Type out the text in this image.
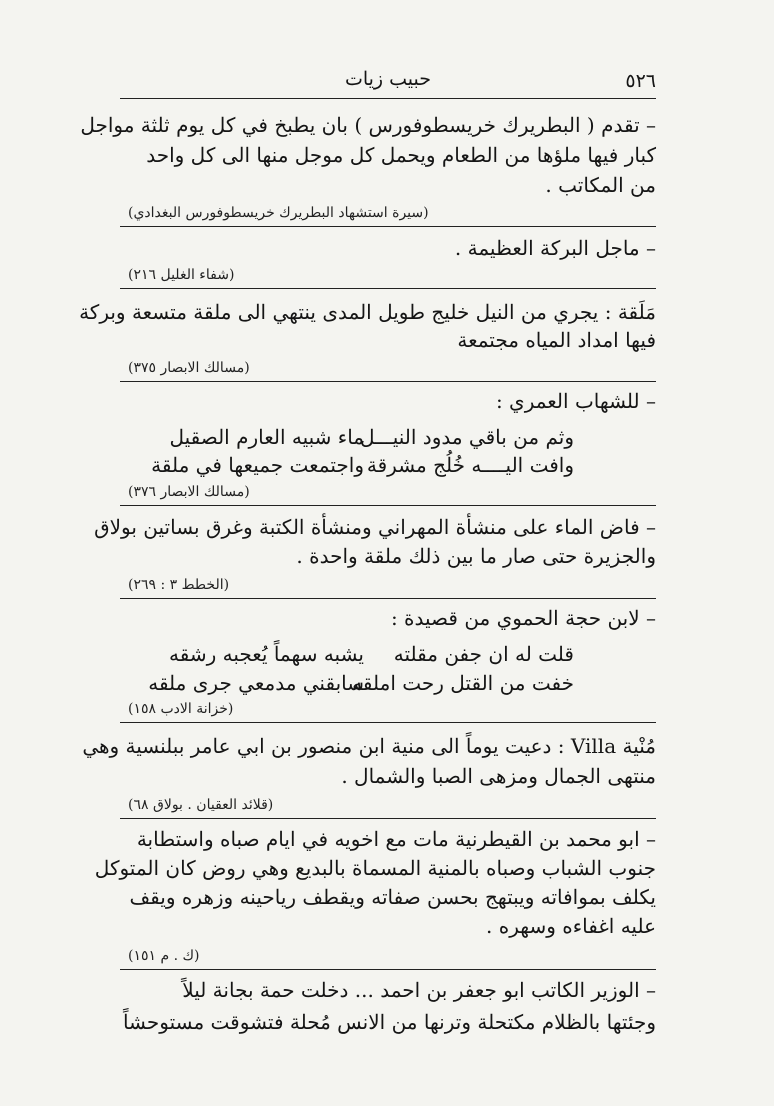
٥٢٦
حبيب زيات
– تقدم ( البطريرك خريسطوفورس ) بان يطبخ في كل يوم ثلثة مواجل
كبار فيها ملؤها من الطعام ويحمل كل موجل منها الى كل واحد
من المكاتب .
(سيرة استشهاد البطريرك خريسطوفورس البغدادي)
– ماجل البركة العظيمة .
(شفاء الغليل ٢١٦)
مَلَقة : يجري من النيل خليج طويل المدى ينتهي الى ملقة متسعة وبركة
فيها امداد المياه مجتمعة
(مسالك الابصار ٣٧٥)
– للشهاب العمري :
وثم من باقي مدود النيـــل
ماء شبيه العارم الصقيل
وافت اليــــه خُلُج مشرقة
واجتمعت جميعها في ملقة
(مسالك الابصار ٣٧٦)
– فاض الماء على منشأة المهراني ومنشأة الكتبة وغرق بساتين بولاق
والجزيرة حتى صار ما بين ذلك ملقة واحدة .
(الخطط ٣ : ٢٦٩)
– لابن حجة الحموي من قصيدة :
قلت له ان جفن مقلته
يشبه سهماً يُعجبه رشقه
خفت من القتل رحت املقه
سابقني مدمعي جرى ملقه
(خزانة الادب ١٥٨)
مُنْية Villa : دعيت يوماً الى منية ابن منصور بن ابي عامر ببلنسية وهي
منتهى الجمال ومزهى الصبا والشمال .
(قلائد العقيان . بولاق ٦٨)
– ابو محمد بن القيطرنية مات مع اخويه في ايام صباه واستطابة
جنوب الشباب وصباه بالمنية المسماة بالبديع وهي روض كان المتوكل
يكلف بموافاته ويبتهج بحسن صفاته ويقطف رياحينه وزهره ويقف
عليه اغفاءه وسهره .
(ك . م ١٥١)
– الوزير الكاتب ابو جعفر بن احمد ... دخلت حمة بجانة ليلاً
وجئتها بالظلام مكتحلة وترنها من الانس مُحلة فتشوقت مستوحشاً
